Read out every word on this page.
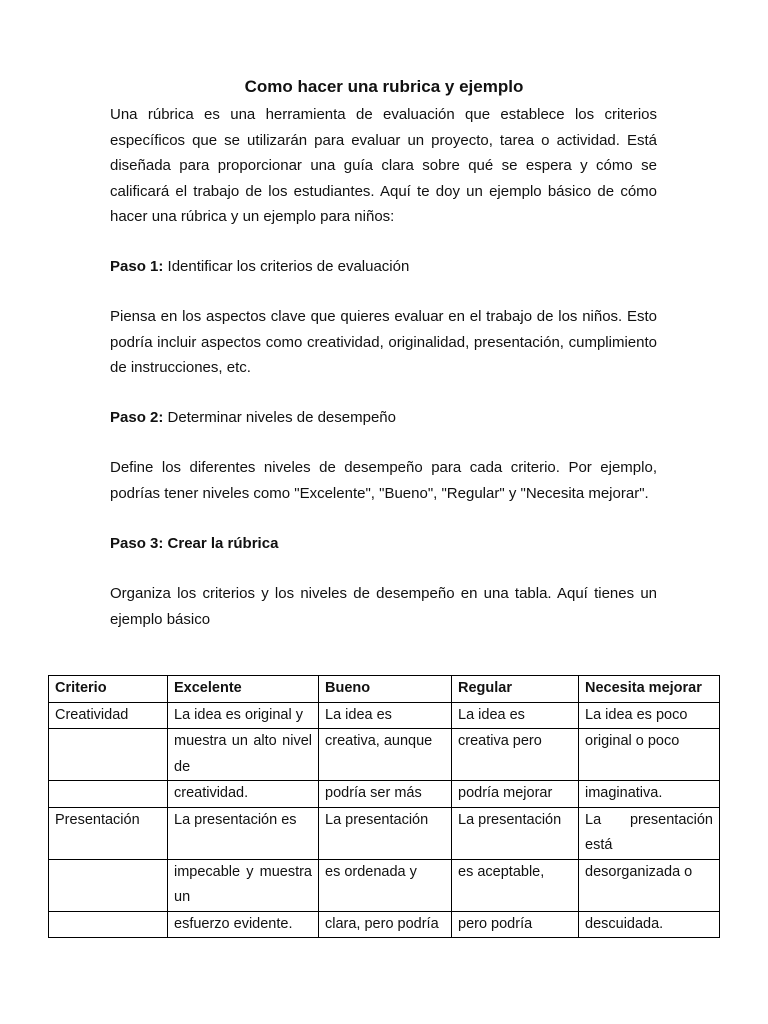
Como hacer una rubrica y ejemplo

Una rúbrica es una herramienta de evaluación que establece los criterios específicos que se utilizarán para evaluar un proyecto, tarea o actividad. Está diseñada para proporcionar una guía clara sobre qué se espera y cómo se calificará el trabajo de los estudiantes. Aquí te doy un ejemplo básico de cómo hacer una rúbrica y un ejemplo para niños:

Paso 1: Identificar los criterios de evaluación

Piensa en los aspectos clave que quieres evaluar en el trabajo de los niños. Esto podría incluir aspectos como creatividad, originalidad, presentación, cumplimiento de instrucciones, etc.

Paso 2: Determinar niveles de desempeño

Define los diferentes niveles de desempeño para cada criterio. Por ejemplo, podrías tener niveles como "Excelente", "Bueno", "Regular" y "Necesita mejorar".

Paso 3: Crear la rúbrica

Organiza los criterios y los niveles de desempeño en una tabla. Aquí tienes un ejemplo básico

Criterio	Excelente	Bueno	Regular	Necesita mejorar
Creatividad	La idea es original y	La idea es	La idea es	La idea es poco
	muestra un alto nivel de	creativa, aunque	creativa pero	original o poco
	creatividad.	podría ser más	podría mejorar	imaginativa.
Presentación	La presentación es	La presentación	La presentación	La presentación está
	impecable y muestra un	es ordenada y	es aceptable,	desorganizada o
	esfuerzo evidente.	clara, pero podría	pero podría	descuidada.
